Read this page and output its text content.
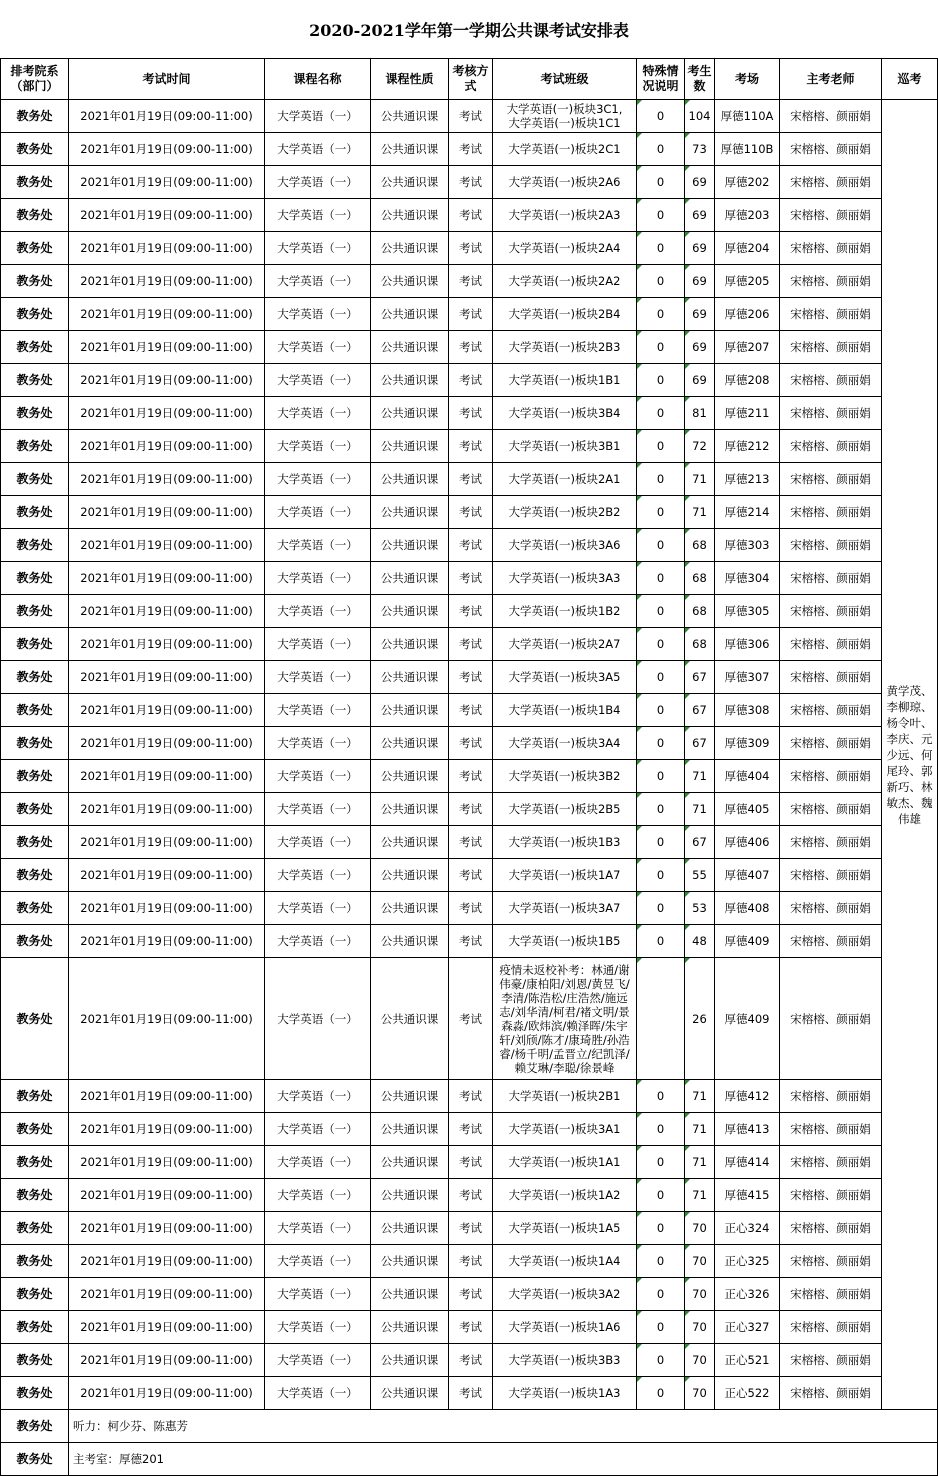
2020-2021学年第一学期公共课考试安排表
排考院系（部门）	考试时间	课程名称	课程性质	考核方式	考试班级	特殊情况说明	考生数	考场	主考老师	巡考
教务处	2021年01月19日(09:00-11:00)	大学英语（一）	公共通识课	考试	大学英语(一)板块3C1,
大学英语(一)板块1C1	0	104	厚德110A	宋榕榕、颜丽娟	黄学茂、李柳琼、杨令叶、李庆、元少远、何尾玲、郭新巧、林敏杰、魏伟雄
教务处	2021年01月19日(09:00-11:00)	大学英语（一）	公共通识课	考试	大学英语(一)板块2C1	0	73	厚德110B	宋榕榕、颜丽娟	
教务处	2021年01月19日(09:00-11:00)	大学英语（一）	公共通识课	考试	大学英语(一)板块2A6	0	69	厚德202	宋榕榕、颜丽娟	
教务处	2021年01月19日(09:00-11:00)	大学英语（一）	公共通识课	考试	大学英语(一)板块2A3	0	69	厚德203	宋榕榕、颜丽娟	
教务处	2021年01月19日(09:00-11:00)	大学英语（一）	公共通识课	考试	大学英语(一)板块2A4	0	69	厚德204	宋榕榕、颜丽娟	
教务处	2021年01月19日(09:00-11:00)	大学英语（一）	公共通识课	考试	大学英语(一)板块2A2	0	69	厚德205	宋榕榕、颜丽娟	
教务处	2021年01月19日(09:00-11:00)	大学英语（一）	公共通识课	考试	大学英语(一)板块2B4	0	69	厚德206	宋榕榕、颜丽娟	
教务处	2021年01月19日(09:00-11:00)	大学英语（一）	公共通识课	考试	大学英语(一)板块2B3	0	69	厚德207	宋榕榕、颜丽娟	
教务处	2021年01月19日(09:00-11:00)	大学英语（一）	公共通识课	考试	大学英语(一)板块1B1	0	69	厚德208	宋榕榕、颜丽娟	
教务处	2021年01月19日(09:00-11:00)	大学英语（一）	公共通识课	考试	大学英语(一)板块3B4	0	81	厚德211	宋榕榕、颜丽娟	
教务处	2021年01月19日(09:00-11:00)	大学英语（一）	公共通识课	考试	大学英语(一)板块3B1	0	72	厚德212	宋榕榕、颜丽娟	
教务处	2021年01月19日(09:00-11:00)	大学英语（一）	公共通识课	考试	大学英语(一)板块2A1	0	71	厚德213	宋榕榕、颜丽娟	
教务处	2021年01月19日(09:00-11:00)	大学英语（一）	公共通识课	考试	大学英语(一)板块2B2	0	71	厚德214	宋榕榕、颜丽娟	
教务处	2021年01月19日(09:00-11:00)	大学英语（一）	公共通识课	考试	大学英语(一)板块3A6	0	68	厚德303	宋榕榕、颜丽娟	
教务处	2021年01月19日(09:00-11:00)	大学英语（一）	公共通识课	考试	大学英语(一)板块3A3	0	68	厚德304	宋榕榕、颜丽娟	
教务处	2021年01月19日(09:00-11:00)	大学英语（一）	公共通识课	考试	大学英语(一)板块1B2	0	68	厚德305	宋榕榕、颜丽娟	
教务处	2021年01月19日(09:00-11:00)	大学英语（一）	公共通识课	考试	大学英语(一)板块2A7	0	68	厚德306	宋榕榕、颜丽娟	
教务处	2021年01月19日(09:00-11:00)	大学英语（一）	公共通识课	考试	大学英语(一)板块3A5	0	67	厚德307	宋榕榕、颜丽娟	
教务处	2021年01月19日(09:00-11:00)	大学英语（一）	公共通识课	考试	大学英语(一)板块1B4	0	67	厚德308	宋榕榕、颜丽娟	
教务处	2021年01月19日(09:00-11:00)	大学英语（一）	公共通识课	考试	大学英语(一)板块3A4	0	67	厚德309	宋榕榕、颜丽娟	
教务处	2021年01月19日(09:00-11:00)	大学英语（一）	公共通识课	考试	大学英语(一)板块3B2	0	71	厚德404	宋榕榕、颜丽娟	
教务处	2021年01月19日(09:00-11:00)	大学英语（一）	公共通识课	考试	大学英语(一)板块2B5	0	71	厚德405	宋榕榕、颜丽娟	
教务处	2021年01月19日(09:00-11:00)	大学英语（一）	公共通识课	考试	大学英语(一)板块1B3	0	67	厚德406	宋榕榕、颜丽娟	
教务处	2021年01月19日(09:00-11:00)	大学英语（一）	公共通识课	考试	大学英语(一)板块1A7	0	55	厚德407	宋榕榕、颜丽娟	
教务处	2021年01月19日(09:00-11:00)	大学英语（一）	公共通识课	考试	大学英语(一)板块3A7	0	53	厚德408	宋榕榕、颜丽娟	
教务处	2021年01月19日(09:00-11:00)	大学英语（一）	公共通识课	考试	大学英语(一)板块1B5	0	48	厚德409	宋榕榕、颜丽娟	
教务处	2021年01月19日(09:00-11:00)	大学英语（一）	公共通识课	考试	疫情未返校补考：林通/谢伟豪/康柏阳/刘恩/黄昱飞/李清/陈浩松/庄浩然/施远志/刘华清/柯君/褚文明/景森淼/欧炜滨/赖泽晖/朱宇轩/刘颀/陈才/康琦胜/孙浩睿/杨千明/孟晋立/纪凯泽/赖艾琳/李聪/徐景峰		26	厚德409	宋榕榕、颜丽娟	
教务处	2021年01月19日(09:00-11:00)	大学英语（一）	公共通识课	考试	大学英语(一)板块2B1	0	71	厚德412	宋榕榕、颜丽娟	
教务处	2021年01月19日(09:00-11:00)	大学英语（一）	公共通识课	考试	大学英语(一)板块3A1	0	71	厚德413	宋榕榕、颜丽娟	
教务处	2021年01月19日(09:00-11:00)	大学英语（一）	公共通识课	考试	大学英语(一)板块1A1	0	71	厚德414	宋榕榕、颜丽娟	
教务处	2021年01月19日(09:00-11:00)	大学英语（一）	公共通识课	考试	大学英语(一)板块1A2	0	71	厚德415	宋榕榕、颜丽娟	
教务处	2021年01月19日(09:00-11:00)	大学英语（一）	公共通识课	考试	大学英语(一)板块1A5	0	70	正心324	宋榕榕、颜丽娟	
教务处	2021年01月19日(09:00-11:00)	大学英语（一）	公共通识课	考试	大学英语(一)板块1A4	0	70	正心325	宋榕榕、颜丽娟	
教务处	2021年01月19日(09:00-11:00)	大学英语（一）	公共通识课	考试	大学英语(一)板块3A2	0	70	正心326	宋榕榕、颜丽娟	
教务处	2021年01月19日(09:00-11:00)	大学英语（一）	公共通识课	考试	大学英语(一)板块1A6	0	70	正心327	宋榕榕、颜丽娟	
教务处	2021年01月19日(09:00-11:00)	大学英语（一）	公共通识课	考试	大学英语(一)板块3B3	0	70	正心521	宋榕榕、颜丽娟	
教务处	2021年01月19日(09:00-11:00)	大学英语（一）	公共通识课	考试	大学英语(一)板块1A3	0	70	正心522	宋榕榕、颜丽娟	
教务处	听力：柯少芬、陈惠芳									
教务处	主考室：厚德201									
